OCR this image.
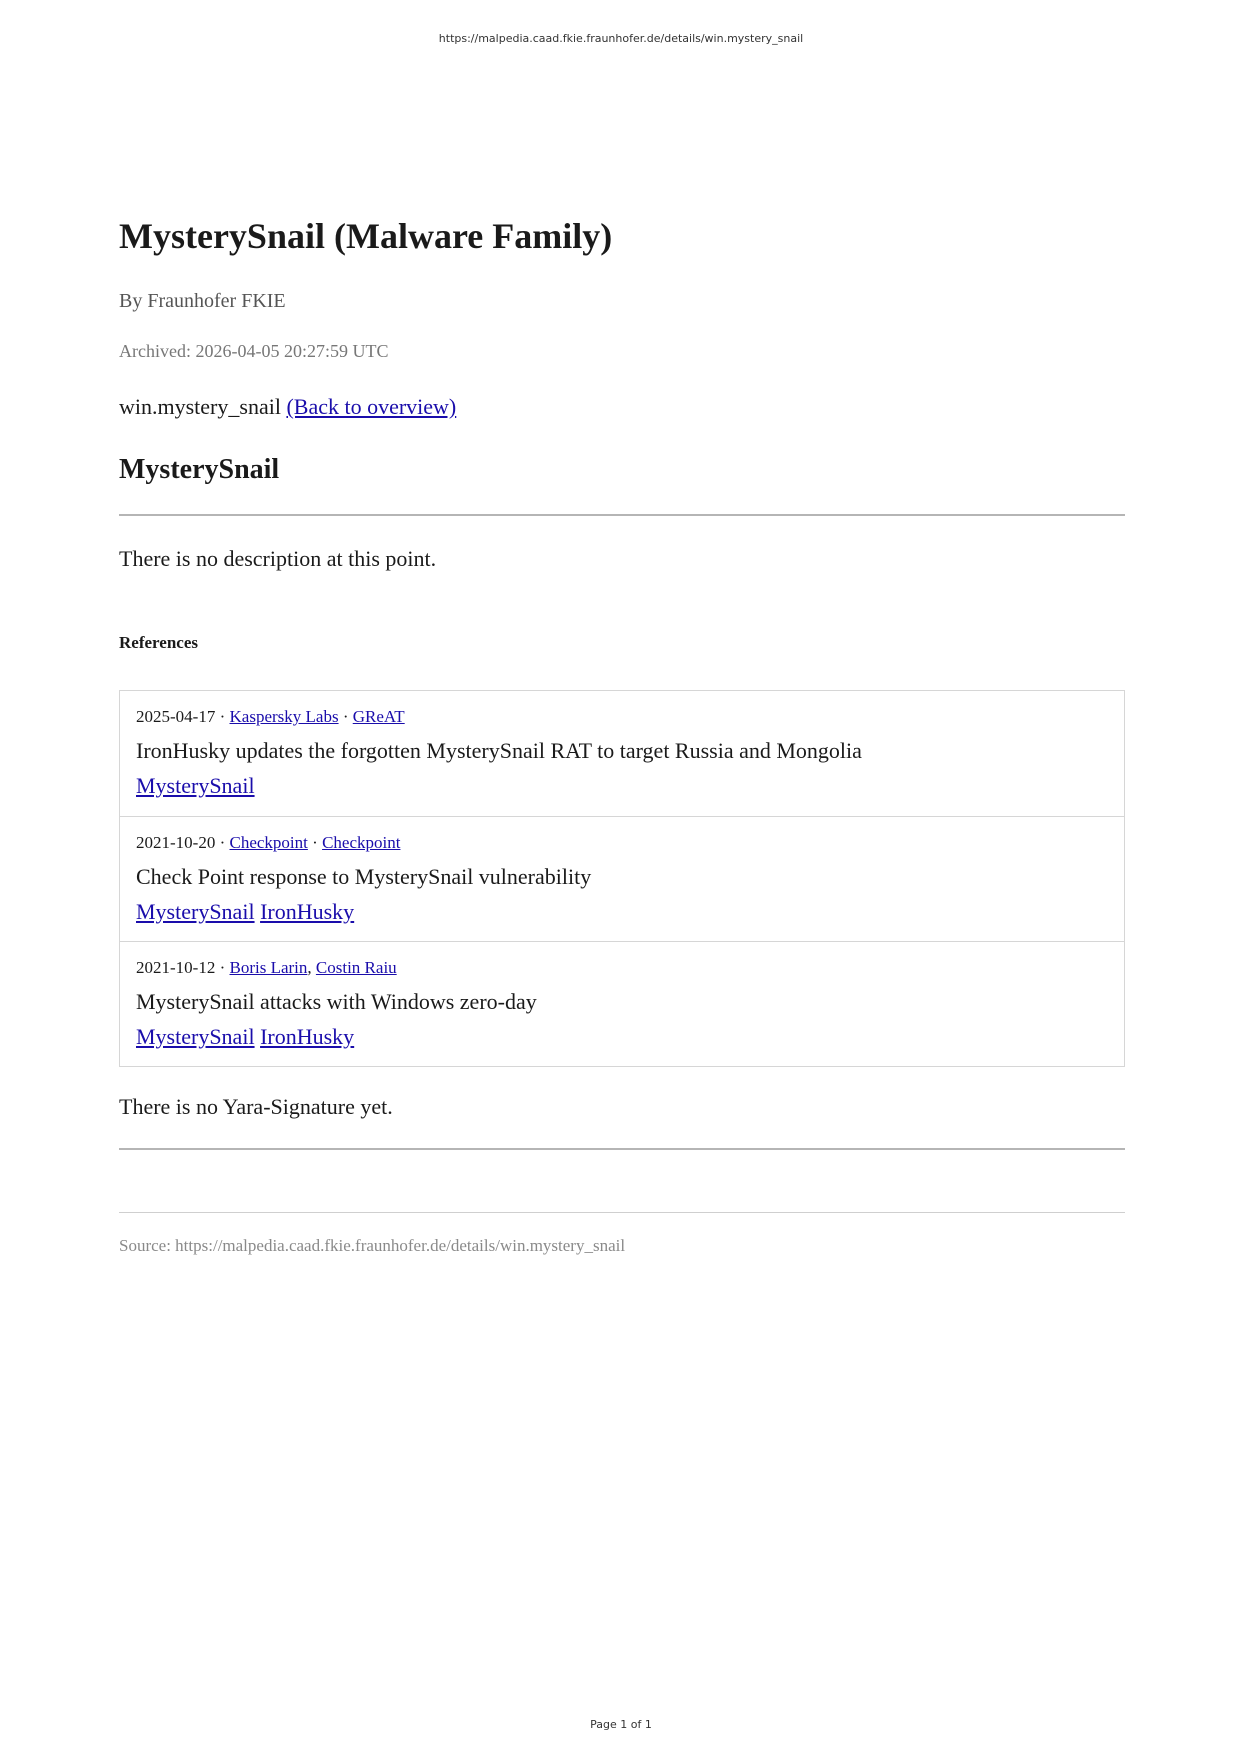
https://malpedia.caad.fkie.fraunhofer.de/details/win.mystery_snail
MysterySnail (Malware Family)
By Fraunhofer FKIE
Archived: 2026-04-05 20:27:59 UTC
win.mystery_snail (Back to overview)
MysterySnail
There is no description at this point.
References
2025-04-17 · Kaspersky Labs · GReAT
IronHusky updates the forgotten MysterySnail RAT to target Russia and Mongolia
MysterySnail
2021-10-20 · Checkpoint · Checkpoint
Check Point response to MysterySnail vulnerability
MysterySnail IronHusky
2021-10-12 · Boris Larin, Costin Raiu
MysterySnail attacks with Windows zero-day
MysterySnail IronHusky
There is no Yara-Signature yet.
Source: https://malpedia.caad.fkie.fraunhofer.de/details/win.mystery_snail
Page 1 of 1
